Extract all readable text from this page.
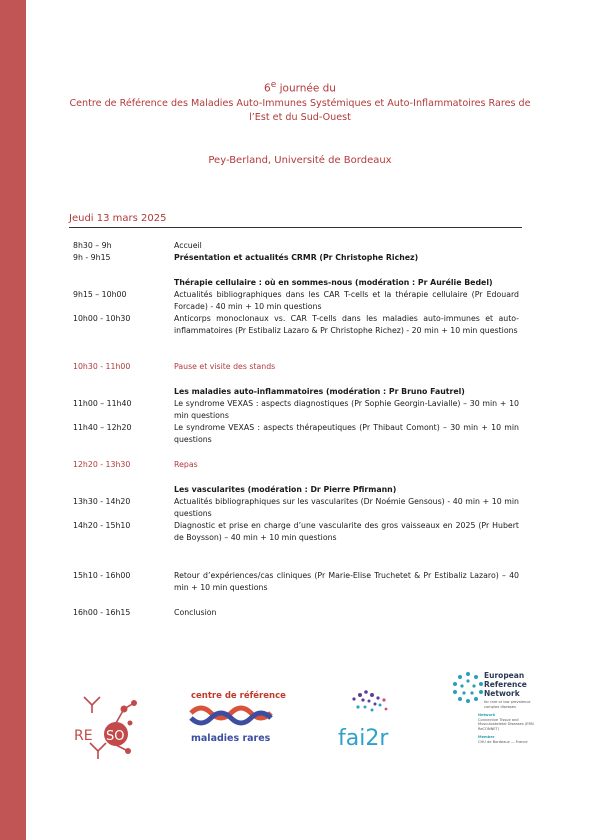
6e journée du
Centre de Référence des Maladies Auto-Immunes Systémiques et Auto-Inflammatoires Rares de l’Est et du Sud-Ouest
Pey-Berland, Université de Bordeaux
Jeudi 13 mars 2025
8h30 – 9h	Accueil
9h - 9h15	Présentation et actualités CRMR (Pr Christophe Richez)
Thérapie cellulaire : où en sommes-nous (modération : Pr Aurélie Bedel)
9h15 – 10h00	Actualités bibliographiques dans les CAR T-cells et la thérapie cellulaire (Pr Edouard Forcade) - 40 min + 10 min questions
10h00 - 10h30	Anticorps monoclonaux vs. CAR T-cells dans les maladies auto-immunes et auto-inflammatoires (Pr Estibaliz Lazaro & Pr Christophe Richez) - 20 min + 10 min questions
10h30 - 11h00	Pause et visite des stands
Les maladies auto-inflammatoires (modération : Pr Bruno Fautrel)
11h00 – 11h40	Le syndrome VEXAS : aspects diagnostiques (Pr Sophie Georgin-Lavialle) – 30 min + 10 min questions
11h40 – 12h20	Le syndrome VEXAS : aspects thérapeutiques (Pr Thibaut Comont) – 30 min + 10 min questions
12h20 - 13h30	Repas
Les vascularites (modération : Dr Pierre Pfirmann)
13h30 - 14h20	Actualités bibliographiques sur les vascularites (Dr Noémie Gensous) - 40 min + 10 min questions
14h20 - 15h10	Diagnostic et prise en charge d’une vascularite des gros vaisseaux en 2025 (Pr Hubert de Boysson) – 40 min + 10 min questions
15h10 - 16h00	Retour d’expériences/cas cliniques (Pr Marie-Elise Truchetet & Pr Estibaliz Lazaro) – 40 min + 10 min questions
16h00 - 16h15	Conclusion
RE SO
centre de référence
maladies rares	fai2r
European
Reference
Network
for rare or low prevalence complex diseases
Network
Connective Tissue and Musculoskeletal Diseases (ERN ReCONNET)
Member
CHU de Bordeaux — France
